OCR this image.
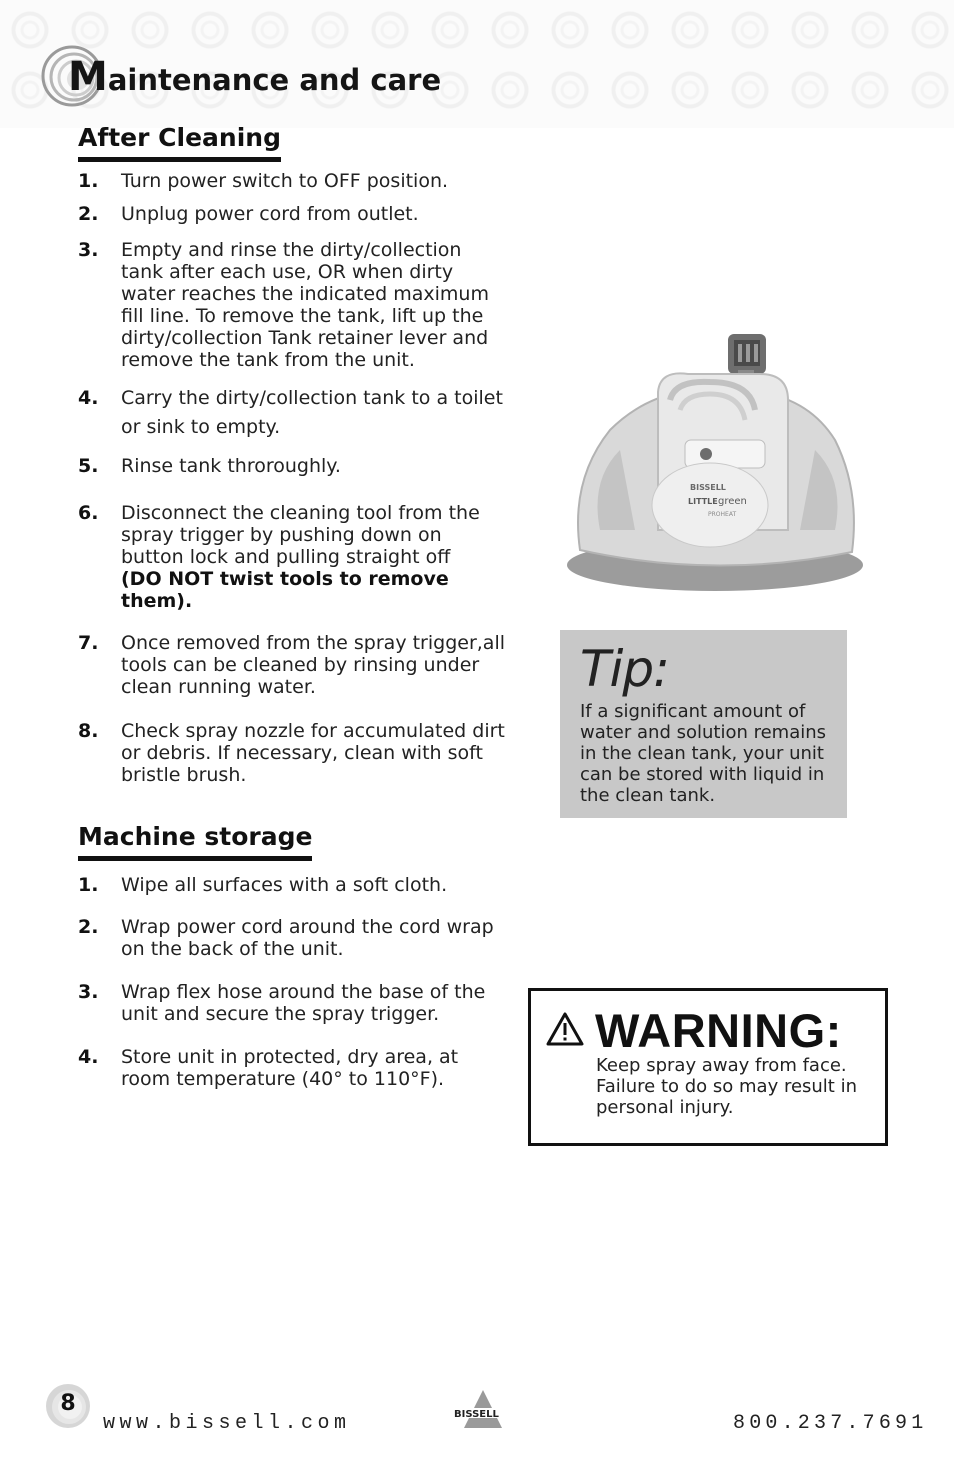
Maintenance and care
After Cleaning
1. Turn power switch to OFF position.
2. Unplug power cord from outlet.
3. Empty and rinse the dirty/collection tank after each use, OR when dirty water reaches the indicated maximum fill line. To remove the tank, lift up the dirty/collection Tank retainer lever and remove the tank from the unit.
4. Carry the dirty/collection tank to a toilet or sink to empty.
5. Rinse tank throroughly.
6. Disconnect the cleaning tool from the spray trigger by pushing down on button lock and pulling straight off
(DO NOT twist tools to remove them).
7. Once removed from the spray trigger,all tools can be cleaned by rinsing under clean running water.
8. Check spray nozzle for accumulated dirt or debris. If necessary, clean with soft bristle brush.
Machine storage
1. Wipe all surfaces with a soft cloth.
2. Wrap power cord around the cord wrap on the back of the unit.
3. Wrap flex hose around the base of the unit and secure the spray trigger.
4. Store unit in protected, dry area, at room temperature (40° to 110°F).
BISSELL
LITTLE green
PROHEAT
Tip:
If a significant amount of water and solution remains in the clean tank, your unit can be stored with liquid in the clean tank.
WARNING:
Keep spray away from face. Failure to do so may result in personal injury.
8
www.bissell.com	BISSELL	800.237.7691
